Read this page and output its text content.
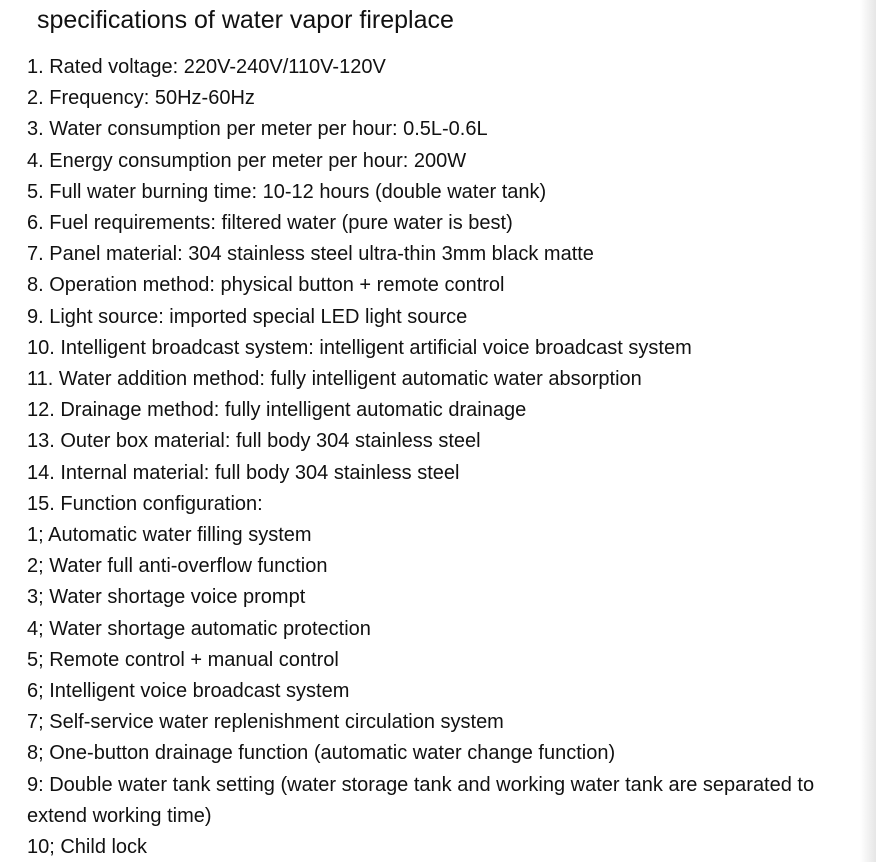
specifications of water vapor fireplace
1. Rated voltage: 220V-240V/110V-120V
2. Frequency: 50Hz-60Hz
3. Water consumption per meter per hour: 0.5L-0.6L
4. Energy consumption per meter per hour: 200W
5. Full water burning time: 10-12 hours (double water tank)
6. Fuel requirements: filtered water (pure water is best)
7. Panel material: 304 stainless steel ultra-thin 3mm black matte
8. Operation method: physical button + remote control
9. Light source: imported special LED light source
10. Intelligent broadcast system: intelligent artificial voice broadcast system
11. Water addition method: fully intelligent automatic water absorption
12. Drainage method: fully intelligent automatic drainage
13. Outer box material: full body 304 stainless steel
14. Internal material: full body 304 stainless steel
15. Function configuration:
1; Automatic water filling system
2; Water full anti-overflow function
3; Water shortage voice prompt
4; Water shortage automatic protection
5; Remote control + manual control
6; Intelligent voice broadcast system
7; Self-service water replenishment circulation system
8; One-button drainage function (automatic water change function)
9: Double water tank setting (water storage tank and working water tank are separated to extend working time)
10; Child lock
